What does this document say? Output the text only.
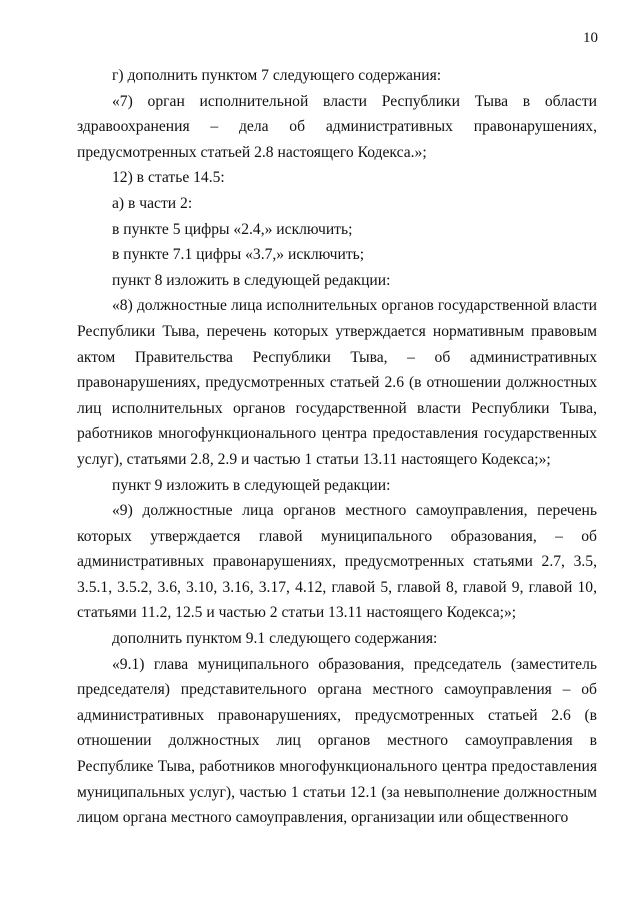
10

г) дополнить пунктом 7 следующего содержания:

«7) орган исполнительной власти Республики Тыва в области здравоохранения – дела об административных правонарушениях, предусмотренных статьей 2.8 настоящего Кодекса.»;

12) в статье 14.5:

а) в части 2:

в пункте 5 цифры «2.4,» исключить;

в пункте 7.1 цифры «3.7,» исключить;

пункт 8 изложить в следующей редакции:

«8) должностные лица исполнительных органов государственной власти Республики Тыва, перечень которых утверждается нормативным правовым актом Правительства Республики Тыва, – об административных правонарушениях, предусмотренных статьей 2.6 (в отношении должностных лиц исполнительных органов государственной власти Республики Тыва, работников многофункционального центра предоставления государственных услуг), статьями 2.8, 2.9 и частью 1 статьи 13.11 настоящего Кодекса;»;

пункт 9 изложить в следующей редакции:

«9) должностные лица органов местного самоуправления, перечень которых утверждается главой муниципального образования, – об административных правонарушениях, предусмотренных статьями 2.7, 3.5, 3.5.1, 3.5.2, 3.6, 3.10, 3.16, 3.17, 4.12, главой 5, главой 8, главой 9, главой 10, статьями 11.2, 12.5 и частью 2 статьи 13.11 настоящего Кодекса;»;

дополнить пунктом 9.1 следующего содержания:

«9.1) глава муниципального образования, председатель (заместитель председателя) представительного органа местного самоуправления – об административных правонарушениях, предусмотренных статьей 2.6 (в отношении должностных лиц органов местного самоуправления в Республике Тыва, работников многофункционального центра предоставления муниципальных услуг), частью 1 статьи 12.1 (за невыполнение должностным лицом органа местного самоуправления, организации или общественного
